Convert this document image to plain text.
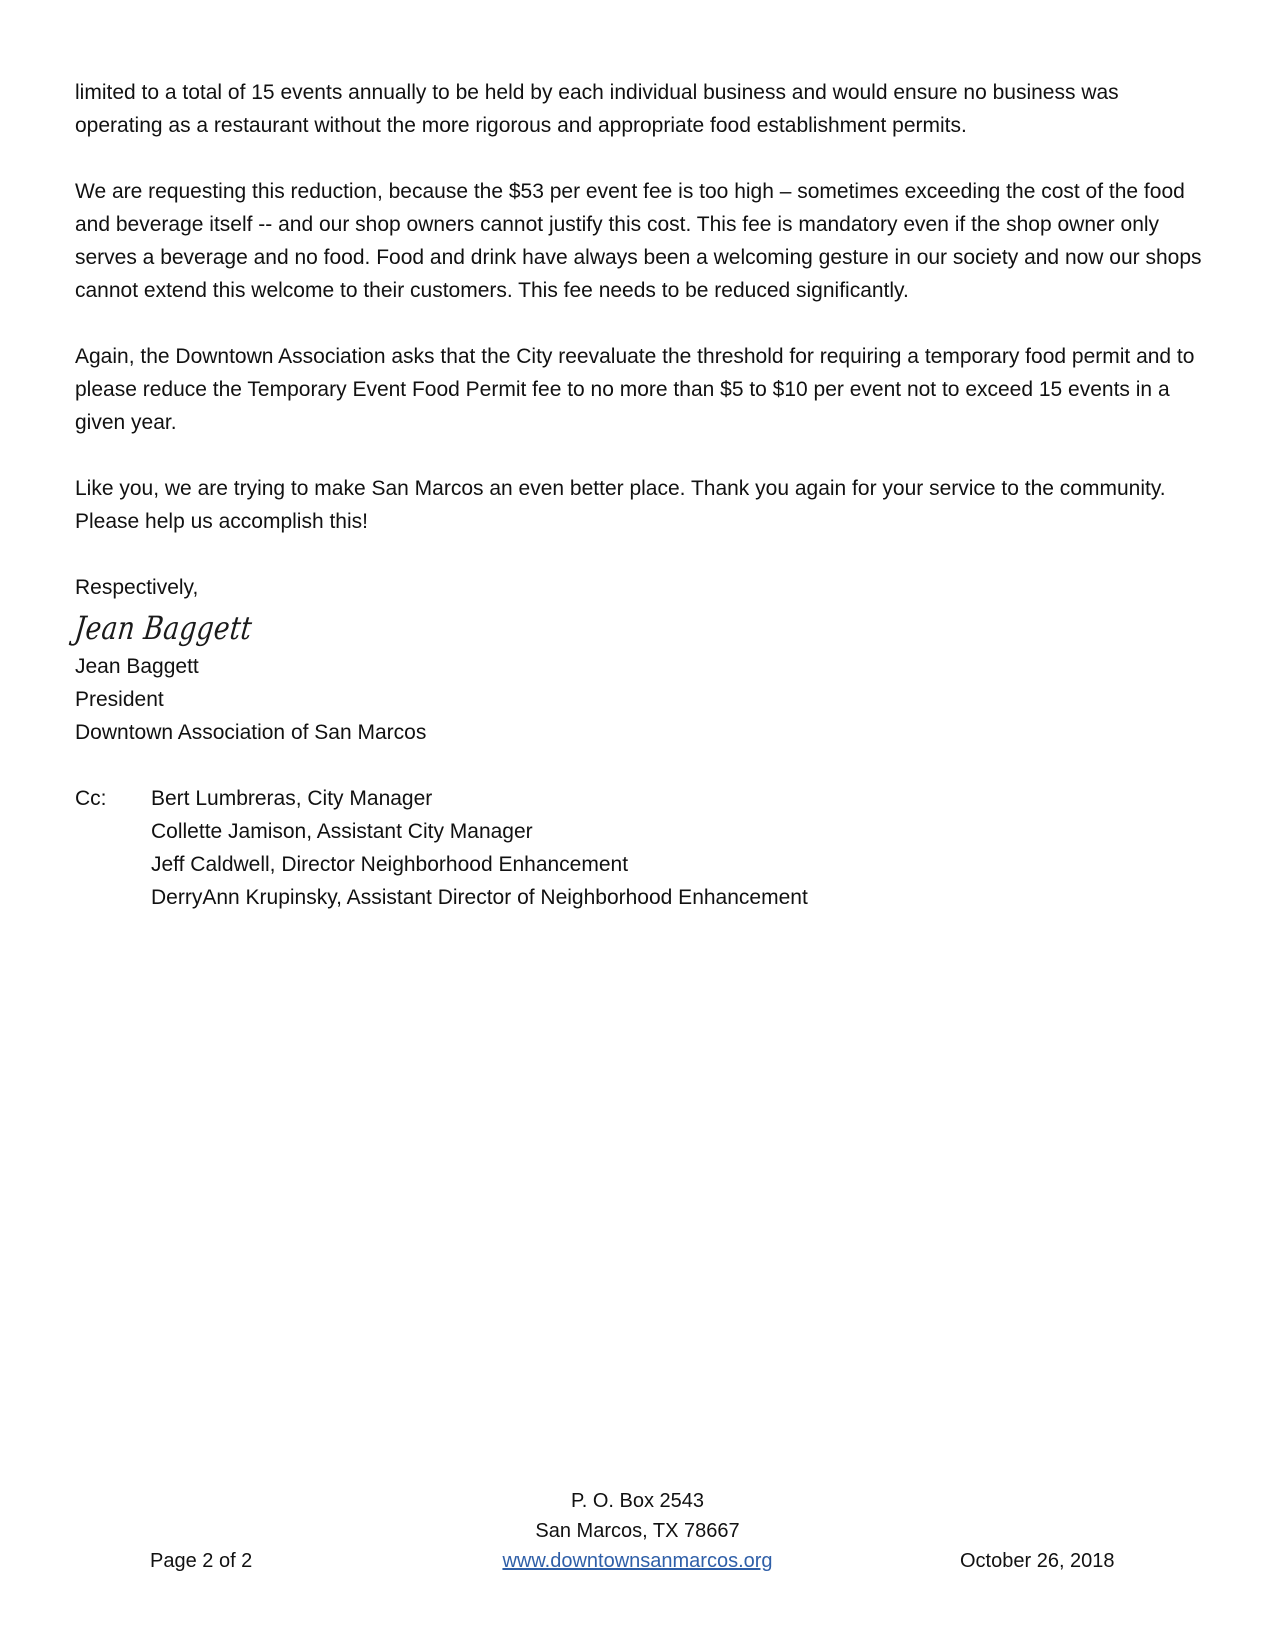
limited to a total of 15 events annually to be held by each individual business and would ensure no business was operating as a restaurant without the more rigorous and appropriate food establishment permits.

We are requesting this reduction, because the $53 per event fee is too high – sometimes exceeding the cost of the food and beverage itself -- and our shop owners cannot justify this cost. This fee is mandatory even if the shop owner only serves a beverage and no food. Food and drink have always been a welcoming gesture in our society and now our shops cannot extend this welcome to their customers. This fee needs to be reduced significantly.

Again, the Downtown Association asks that the City reevaluate the threshold for requiring a temporary food permit and to please reduce the Temporary Event Food Permit fee to no more than $5 to $10 per event not to exceed 15 events in a given year.

Like you, we are trying to make San Marcos an even better place. Thank you again for your service to the community. Please help us accomplish this!

Respectively,
Jean Baggett
Jean Baggett
President
Downtown Association of San Marcos
Cc:	Bert Lumbreras, City Manager
Collette Jamison, Assistant City Manager
Jeff Caldwell, Director Neighborhood Enhancement
DerryAnn Krupinsky, Assistant Director of Neighborhood Enhancement
P. O. Box 2543
San Marcos, TX 78667
Page 2 of 2	www.downtownsanmarcos.org	October 26, 2018
